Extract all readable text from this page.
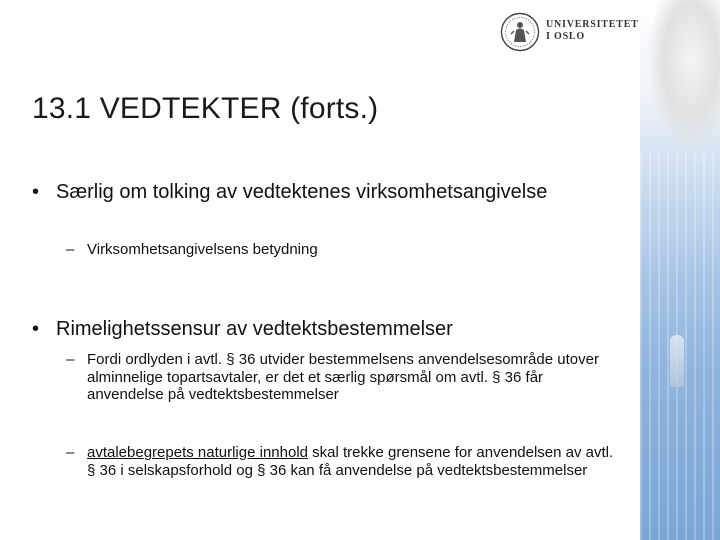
UNIVERSITETET
I OSLO
13.1 VEDTEKTER (forts.)
• Særlig om tolking av vedtektenes virksomhetsangivelse
– Virksomhetsangivelsens betydning
• Rimelighetssensur av vedtektsbestemmelser
– Fordi ordlyden i avtl. § 36 utvider bestemmelsens anvendelsesområde utover alminnelige topartsavtaler, er det et særlig spørsmål om avtl. § 36 får anvendelse på vedtektsbestemmelser
– avtalebegrepets naturlige innhold skal trekke grensene for anvendelsen av avtl. § 36 i selskapsforhold og § 36 kan få anvendelse på vedtektsbestemmelser
